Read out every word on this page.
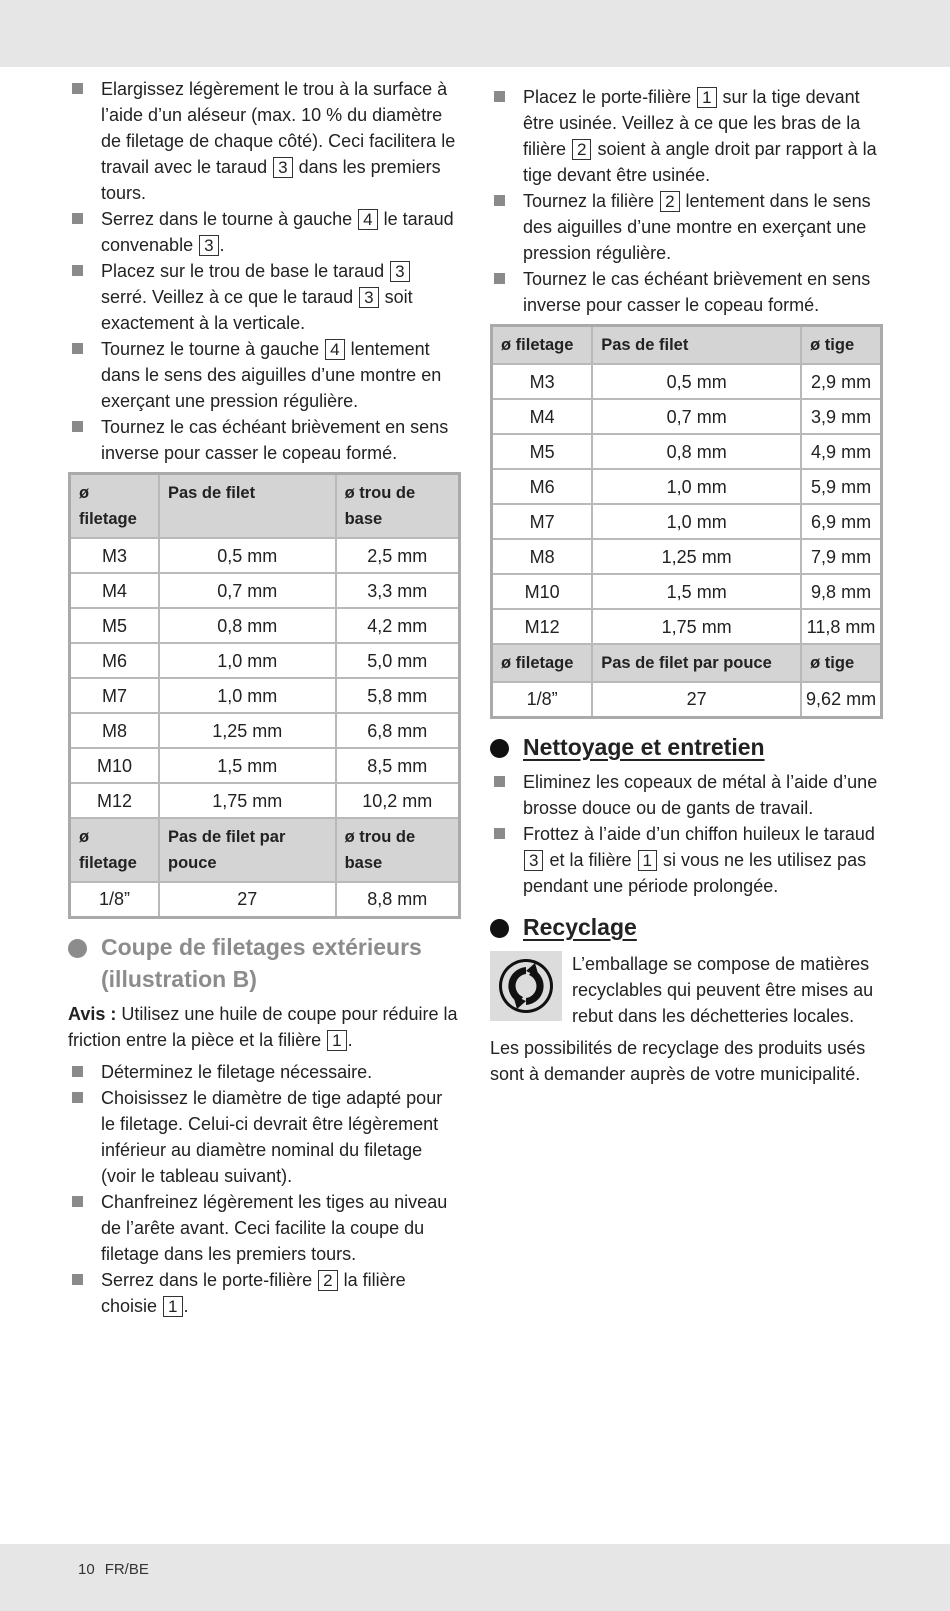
Elargissez légèrement le trou à la surface à l’aide d’un aléseur (max. 10 % du diamètre de filetage de chaque côté). Ceci facilitera le travail avec le taraud 3 dans les premiers tours.
Serrez dans le tourne à gauche 4 le taraud convenable 3 .
Placez sur le trou de base le taraud 3 serré. Veillez à ce que le taraud 3 soit exactement à la verticale.
Tournez le tourne à gauche 4 lentement dans le sens des aiguilles d’une montre en exerçant une pression régulière.
Tournez le cas échéant brièvement en sens inverse pour casser le copeau formé.
ø filetage	Pas de filet	ø trou de base
M3	0,5 mm	2,5 mm
M4	0,7 mm	3,3 mm
M5	0,8 mm	4,2 mm
M6	1,0 mm	5,0 mm
M7	1,0 mm	5,8 mm
M8	1,25 mm	6,8 mm
M10	1,5 mm	8,5 mm
M12	1,75 mm	10,2 mm
ø filetage	Pas de filet par pouce	ø trou de base
1/8”	27	8,8 mm
Coupe de filetages extérieurs (illustration B)

Avis : Utilisez une huile de coupe pour réduire la friction entre la pièce et la filière 1 .

Déterminez le filetage nécessaire.
Choisissez le diamètre de tige adapté pour le filetage. Celui-ci devrait être légèrement inférieur au diamètre nominal du filetage (voir le tableau suivant).
Chanfreinez légèrement les tiges au niveau de l’arête avant. Ceci facilite la coupe du filetage dans les premiers tours.
Serrez dans le porte-filière 2 la filière choisie 1 .
Placez le porte-filière 1 sur la tige devant être usinée. Veillez à ce que les bras de la filière 2 soient à angle droit par rapport à la tige devant être usinée.
Tournez la filière 2 lentement dans le sens des aiguilles d’une montre en exerçant une pression régulière.
Tournez le cas échéant brièvement en sens inverse pour casser le copeau formé.
ø filetage	Pas de filet	ø tige
M3	0,5 mm	2,9 mm
M4	0,7 mm	3,9 mm
M5	0,8 mm	4,9 mm
M6	1,0 mm	5,9 mm
M7	1,0 mm	6,9 mm
M8	1,25 mm	7,9 mm
M10	1,5 mm	9,8 mm
M12	1,75 mm	11,8 mm
ø filetage	Pas de filet par pouce	ø tige
1/8”	27	9,62 mm
Nettoyage et entretien
Eliminez les copeaux de métal à l’aide d’une brosse douce ou de gants de travail.
Frottez à l’aide d’un chiffon huileux le taraud 3 et la filière 1 si vous ne les utilisez pas pendant une période prolongée.
Recyclage
L’emballage se compose de matières recyclables qui peuvent être mises au rebut dans les déchetteries locales.

Les possibilités de recyclage des produits usés sont à demander auprès de votre municipalité.

10 FR/BE
